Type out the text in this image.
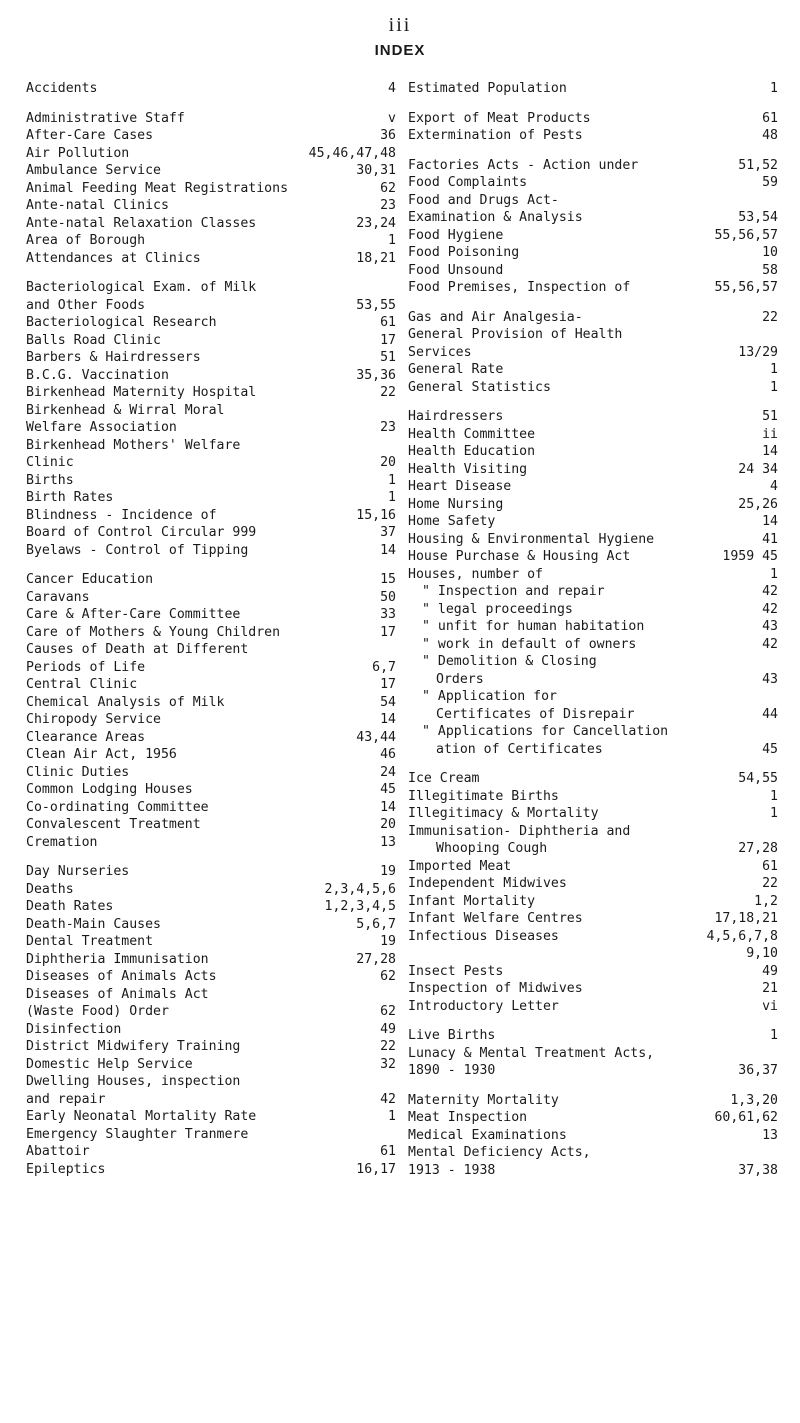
iii
INDEX
Accidents	4
Administrative Staff	v
After-Care Cases	36
Air Pollution	45,46,47,48
Ambulance Service	30,31
Animal Feeding Meat Registrations	62
Ante-natal Clinics	23
Ante-natal Relaxation Classes	23,24
Area of Borough	1
Attendances at Clinics	18,21
Bacteriological Exam. of Milk
and Other Foods	53,55
Bacteriological Research	61
Balls Road Clinic	17
Barbers & Hairdressers	51
B.C.G. Vaccination	35,36
Birkenhead Maternity Hospital	22
Birkenhead & Wirral Moral
Welfare Association	23
Birkenhead Mothers' Welfare
Clinic	20
Births	1
Birth Rates	1
Blindness - Incidence of	15,16
Board of Control Circular 999	37
Byelaws - Control of Tipping	14
Cancer Education	15
Caravans	50
Care & After-Care Committee	33
Care of Mothers & Young Children	17
Causes of Death at Different
Periods of Life	6,7
Central Clinic	17
Chemical Analysis of Milk	54
Chiropody Service	14
Clearance Areas	43,44
Clean Air Act, 1956	46
Clinic Duties	24
Common Lodging Houses	45
Co-ordinating Committee	14
Convalescent Treatment	20
Cremation	13
Day Nurseries	19
Deaths	2,3,4,5,6
Death Rates	1,2,3,4,5
Death-Main Causes	5,6,7
Dental Treatment	19
Diphtheria Immunisation	27,28
Diseases of Animals Acts	62
Diseases of Animals Act
(Waste Food) Order	62
Disinfection	49
District Midwifery Training	22
Domestic Help Service	32
Dwelling Houses, inspection
and repair	42
Early Neonatal Mortality Rate	1
Emergency Slaughter Tranmere
Abattoir	61
Epileptics	16,17
Estimated Population	1
Export of Meat Products	61
Extermination of Pests	48
Factories Acts - Action under	51,52
Food Complaints	59
Food and Drugs Act-
Examination & Analysis	53,54
Food Hygiene	55,56,57
Food Poisoning	10
Food Unsound	58
Food Premises, Inspection of	55,56,57
Gas and Air Analgesia-	22
General Provision of Health
Services	13/29
General Rate	1
General Statistics	1
Hairdressers	51
Health Committee	ii
Health Education	14
Health Visiting	24 34
Heart Disease	4
Home Nursing	25,26
Home Safety	14
Housing & Environmental Hygiene	41
House Purchase & Housing Act	1959 45
Houses, number of	1
" Inspection and repair	42
" legal proceedings	42
" unfit for human habitation	43
" work in default of owners	42
" Demolition & Closing
Orders	43
" Application for
Certificates of Disrepair	44
" Applications for Cancellation
ation of Certificates	45
Ice Cream	54,55
Illegitimate Births	1
Illegitimacy & Mortality	1
Immunisation- Diphtheria and
Whooping Cough	27,28
Imported Meat	61
Independent Midwives	22
Infant Mortality	1,2
Infant Welfare Centres	17,18,21
Infectious Diseases	4,5,6,7,8
9,10
Insect Pests	49
Inspection of Midwives	21
Introductory Letter	vi
Live Births	1
Lunacy & Mental Treatment Acts,
1890 - 1930	36,37
Maternity Mortality	1,3,20
Meat Inspection	60,61,62
Medical Examinations	13
Mental Deficiency Acts,
1913 - 1938	37,38
